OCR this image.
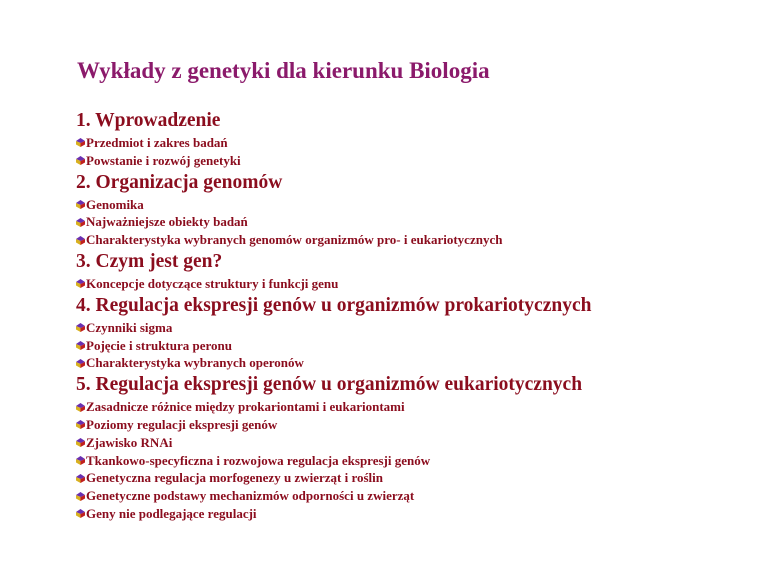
Wykłady z genetyki dla kierunku Biologia
1. Wprowadzenie
Przedmiot i zakres badań
Powstanie i rozwój genetyki
2. Organizacja genomów
Genomika
Najważniejsze obiekty badań
Charakterystyka wybranych genomów organizmów pro- i eukariotycznych
3. Czym jest gen?
Koncepcje dotyczące struktury i funkcji genu
4. Regulacja ekspresji genów u organizmów prokariotycznych
Czynniki sigma
Pojęcie i struktura peronu
Charakterystyka wybranych operonów
5. Regulacja ekspresji genów u organizmów eukariotycznych
Zasadnicze różnice między prokariontami i eukariontami
Poziomy regulacji ekspresji genów
Zjawisko RNAi
Tkankowo-specyficzna i rozwojowa regulacja ekspresji genów
Genetyczna regulacja morfogenezy u zwierząt i roślin
Genetyczne podstawy mechanizmów odporności u zwierząt
Geny nie podlegające regulacji
